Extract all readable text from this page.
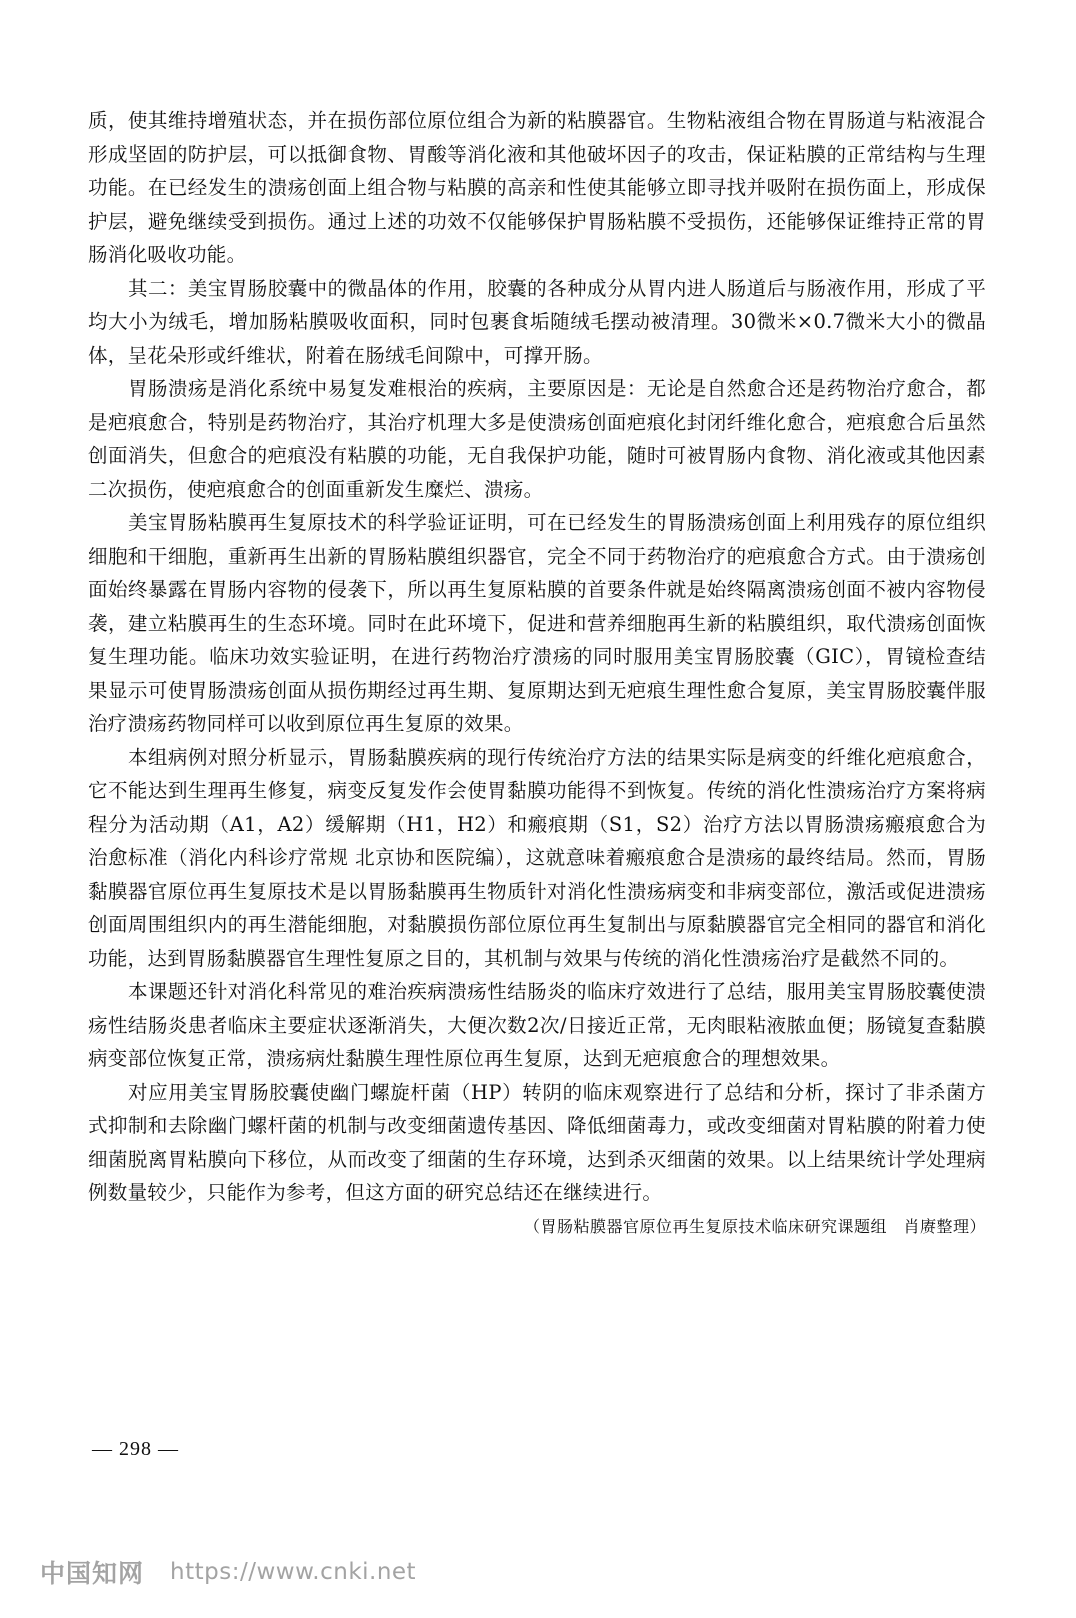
质，使其维持增殖状态，并在损伤部位原位组合为新的粘膜器官。生物粘液组合物在胃肠道与粘液混合形成坚固的防护层，可以抵御食物、胃酸等消化液和其他破坏因子的攻击，保证粘膜的正常结构与生理功能。在已经发生的溃疡创面上组合物与粘膜的高亲和性使其能够立即寻找并吸附在损伤面上，形成保护层，避免继续受到损伤。通过上述的功效不仅能够保护胃肠粘膜不受损伤，还能够保证维持正常的胃肠消化吸收功能。

其二：美宝胃肠胶囊中的微晶体的作用，胶囊的各种成分从胃内进人肠道后与肠液作用，形成了平均大小为绒毛，增加肠粘膜吸收面积，同时包裹食垢随绒毛摆动被清理。30微米×0.7微米大小的微晶体，呈花朵形或纤维状，附着在肠绒毛间隙中，可撑开肠。

胃肠溃疡是消化系统中易复发难根治的疾病，主要原因是：无论是自然愈合还是药物治疗愈合，都是疤痕愈合，特别是药物治疗，其治疗机理大多是使溃疡创面疤痕化封闭纤维化愈合，疤痕愈合后虽然创面消失，但愈合的疤痕没有粘膜的功能，无自我保护功能，随时可被胃肠内食物、消化液或其他因素二次损伤，使疤痕愈合的创面重新发生糜烂、溃疡。

美宝胃肠粘膜再生复原技术的科学验证证明，可在已经发生的胃肠溃疡创面上利用残存的原位组织细胞和干细胞，重新再生出新的胃肠粘膜组织器官，完全不同于药物治疗的疤痕愈合方式。由于溃疡创面始终暴露在胃肠内容物的侵袭下，所以再生复原粘膜的首要条件就是始终隔离溃疡创面不被内容物侵袭，建立粘膜再生的生态环境。同时在此环境下，促进和营养细胞再生新的粘膜组织，取代溃疡创面恢复生理功能。临床功效实验证明，在进行药物治疗溃疡的同时服用美宝胃肠胶囊（GIC），胃镜检查结果显示可使胃肠溃疡创面从损伤期经过再生期、复原期达到无疤痕生理性愈合复原，美宝胃肠胶囊伴服治疗溃疡药物同样可以收到原位再生复原的效果。

本组病例对照分析显示，胃肠黏膜疾病的现行传统治疗方法的结果实际是病变的纤维化疤痕愈合，它不能达到生理再生修复，病变反复发作会使胃黏膜功能得不到恢复。传统的消化性溃疡治疗方案将病程分为活动期（A1，A2）缓解期（H1，H2）和瘢痕期（S1，S2）治疗方法以胃肠溃疡瘢痕愈合为治愈标准（消化内科诊疗常规 北京协和医院编），这就意味着瘢痕愈合是溃疡的最终结局。然而，胃肠黏膜器官原位再生复原技术是以胃肠黏膜再生物质针对消化性溃疡病变和非病变部位，激活或促进溃疡创面周围组织内的再生潜能细胞，对黏膜损伤部位原位再生复制出与原黏膜器官完全相同的器官和消化功能，达到胃肠黏膜器官生理性复原之目的，其机制与效果与传统的消化性溃疡治疗是截然不同的。

本课题还针对消化科常见的难治疾病溃疡性结肠炎的临床疗效进行了总结，服用美宝胃肠胶囊使溃疡性结肠炎患者临床主要症状逐渐消失，大便次数2次/日接近正常，无肉眼粘液脓血便；肠镜复查黏膜病变部位恢复正常，溃疡病灶黏膜生理性原位再生复原，达到无疤痕愈合的理想效果。

对应用美宝胃肠胶囊使幽门螺旋杆菌（HP）转阴的临床观察进行了总结和分析，探讨了非杀菌方式抑制和去除幽门螺杆菌的机制与改变细菌遗传基因、降低细菌毒力，或改变细菌对胃粘膜的附着力使细菌脱离胃粘膜向下移位，从而改变了细菌的生存环境，达到杀灭细菌的效果。以上结果统计学处理病例数量较少，只能作为参考，但这方面的研究总结还在继续进行。

（胃肠粘膜器官原位再生复原技术临床研究课题组　肖赓整理）

— 298 —
中国知网 https://www.cnki.net
